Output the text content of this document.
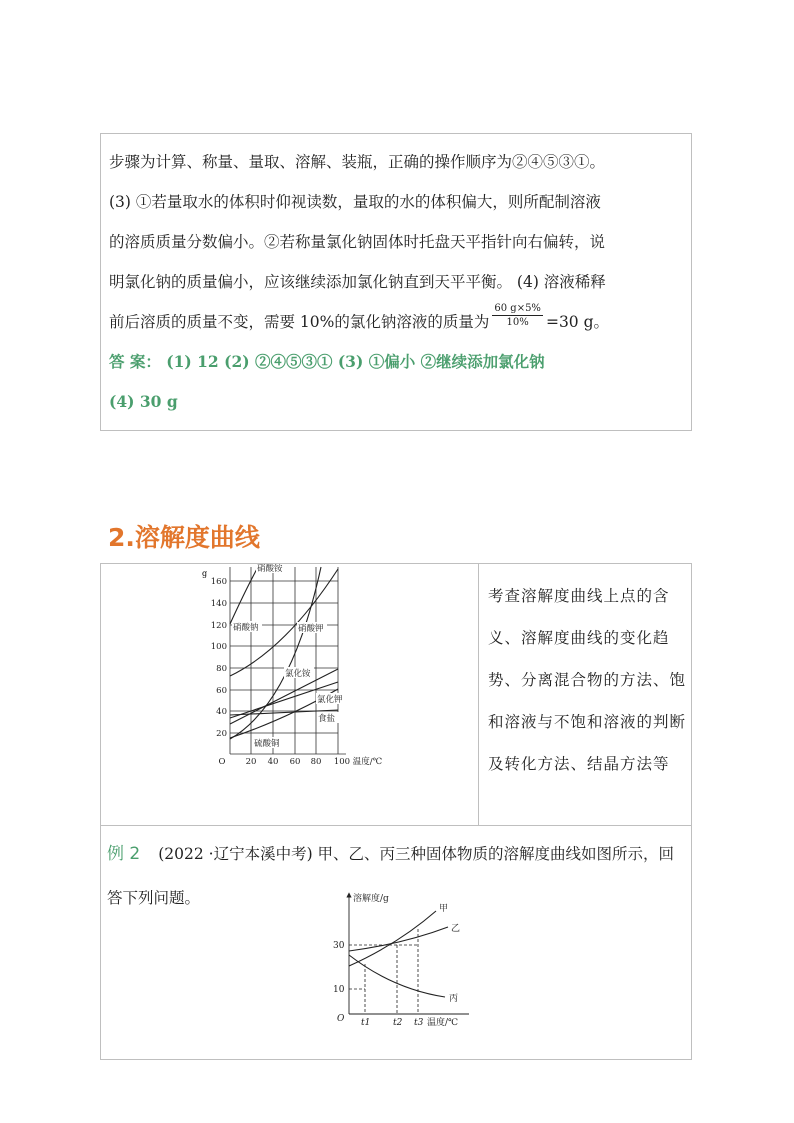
步骤为计算、称量、量取、溶解、装瓶，正确的操作顺序为②④⑤③①。
(3) ①若量取水的体积时仰视读数，量取的水的体积偏大，则所配制溶液
的溶质质量分数偏小。②若称量氯化钠固体时托盘天平指针向右偏转，说
明氯化钠的质量偏小，应该继续添加氯化钠直到天平平衡。 (4) 溶液稀释
前后溶质的质量不变，需要 10%的氯化钠溶液的质量为 $\frac{60 g\times 5\%}{10\%} =30$ g。
答 案： (1) 12 (2) ②④⑤③① (3) ①偏小 ②继续添加氯化钠
(4) 30 g
2.溶解度曲线
g
20
40
60
80
100
120
140
160
O 20 40 60 80 100 温度/℃
硝酸铵
硝酸钠	硝酸钾
氯化铵
氯化钾
食盐
硫酸铜
考查溶解度曲线上点的含义、溶解度曲线的变化趋势、分离混合物的方法、饱和溶液与不饱和溶液的判断及转化方法、结晶方法等
例 2 (2022 ·辽宁本溪中考) 甲、乙、丙三种固体物质的溶解度曲线如图所示，回答下列问题。	溶解度/g
30
10
O t1	t2 t3 温度/℃
甲
乙
丙
